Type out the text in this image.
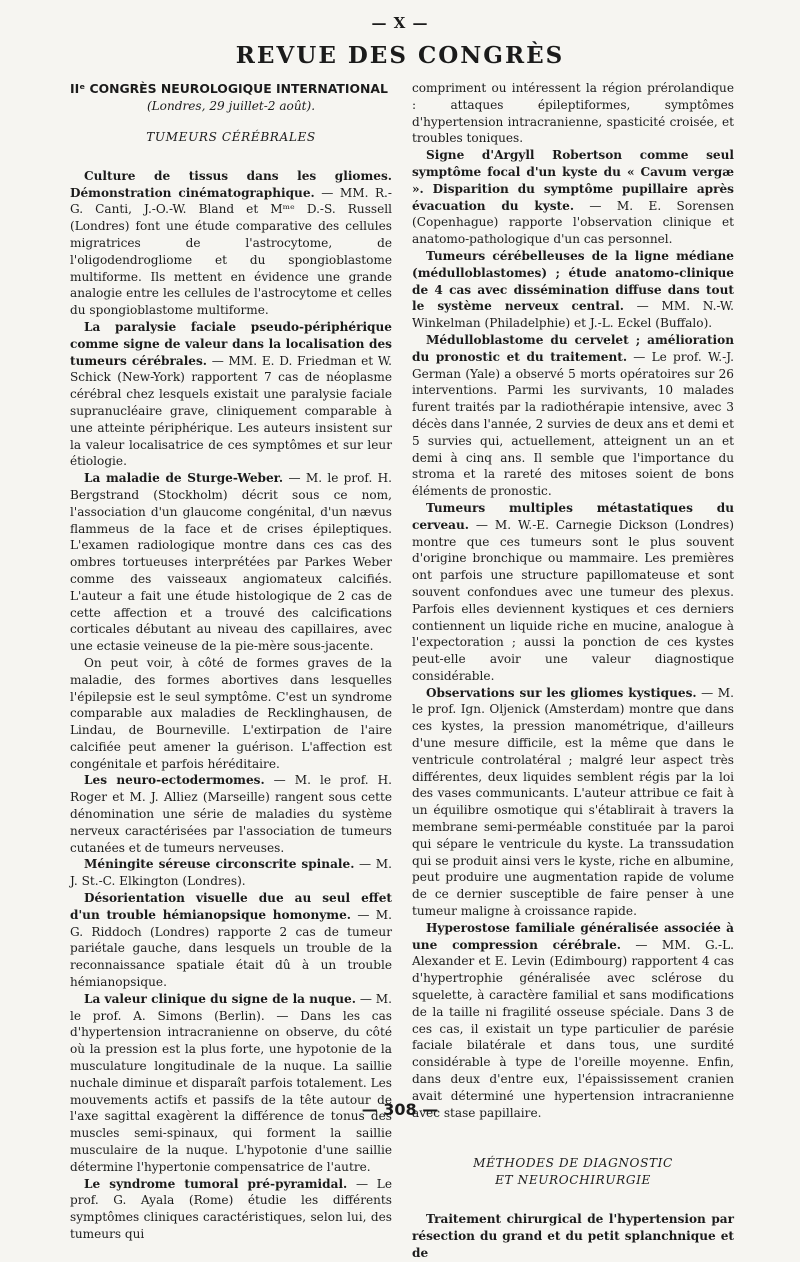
— X —
REVUE DES CONGRÈS
IIᵉ CONGRÈS NEUROLOGIQUE INTERNATIONAL
(Londres, 29 juillet-2 août).
TUMEURS CÉRÉBRALES

Culture de tissus dans les gliomes. Démonstration cinématographique. — MM. R.-G. Canti, J.-O.-W. Bland et Mᵐᵉ D.-S. Russell (Londres) font une étude comparative des cellules migratrices de l'astrocytome, de l'oligodendrogliome et du spongioblastome multiforme. Ils mettent en évidence une grande analogie entre les cellules de l'astrocytome et celles du spongioblastome multiforme.

La paralysie faciale pseudo-périphérique comme signe de valeur dans la localisation des tumeurs cérébrales. — MM. E. D. Friedman et W. Schick (New-York) rapportent 7 cas de néoplasme cérébral chez lesquels existait une paralysie faciale supranucléaire grave, cliniquement comparable à une atteinte périphérique. Les auteurs insistent sur la valeur localisatrice de ces symptômes et sur leur étiologie.

La maladie de Sturge-Weber. — M. le prof. H. Bergstrand (Stockholm) décrit sous ce nom, l'association d'un glaucome congénital, d'un nævus flammeus de la face et de crises épileptiques. L'examen radiologique montre dans ces cas des ombres tortueuses interprétées par Parkes Weber comme des vaisseaux angiomateux calcifiés. L'auteur a fait une étude histologique de 2 cas de cette affection et a trouvé des calcifications corticales débutant au niveau des capillaires, avec une ectasie veineuse de la pie-mère sous-jacente.

On peut voir, à côté de formes graves de la maladie, des formes abortives dans lesquelles l'épilepsie est le seul symptôme. C'est un syndrome comparable aux maladies de Recklinghausen, de Lindau, de Bourneville. L'extirpation de l'aire calcifiée peut amener la guérison. L'affection est congénitale et parfois héréditaire.

Les neuro-ectodermomes. — M. le prof. H. Roger et M. J. Alliez (Marseille) rangent sous cette dénomination une série de maladies du système nerveux caractérisées par l'association de tumeurs cutanées et de tumeurs nerveuses.

Méningite séreuse circonscrite spinale. — M. J. St.-C. Elkington (Londres).

Désorientation visuelle due au seul effet d'un trouble hémianopsique homonyme. — M. G. Riddoch (Londres) rapporte 2 cas de tumeur pariétale gauche, dans lesquels un trouble de la reconnaissance spatiale était dû à un trouble hémianopsique.

La valeur clinique du signe de la nuque. — M. le prof. A. Simons (Berlin). — Dans les cas d'hypertension intracranienne on observe, du côté où la pression est la plus forte, une hypotonie de la musculature longitudinale de la nuque. La saillie nuchale diminue et disparaît parfois totalement. Les mouvements actifs et passifs de la tête autour de l'axe sagittal exagèrent la différence de tonus des muscles semi-spinaux, qui forment la saillie musculaire de la nuque. L'hypotonie d'une saillie détermine l'hypertonie compensatrice de l'autre.

Le syndrome tumoral pré-pyramidal. — Le prof. G. Ayala (Rome) étudie les différents symptômes cliniques caractéristiques, selon lui, des tumeurs qui

compriment ou intéressent la région prérolandique : attaques épileptiformes, symptômes d'hypertension intracranienne, spasticité croisée, et troubles toniques.

Signe d'Argyll Robertson comme seul symptôme focal d'un kyste du « Cavum vergæ ». Disparition du symptôme pupillaire après évacuation du kyste. — M. E. Sorensen (Copenhague) rapporte l'observation clinique et anatomo-pathologique d'un cas personnel.

Tumeurs cérébelleuses de la ligne médiane (médulloblastomes) ; étude anatomo-clinique de 4 cas avec dissémination diffuse dans tout le système nerveux central. — MM. N.-W. Winkelman (Philadelphie) et J.-L. Eckel (Buffalo).

Médulloblastome du cervelet ; amélioration du pronostic et du traitement. — Le prof. W.-J. German (Yale) a observé 5 morts opératoires sur 26 interventions. Parmi les survivants, 10 malades furent traités par la radiothérapie intensive, avec 3 décès dans l'année, 2 survies de deux ans et demi et 5 survies qui, actuellement, atteignent un an et demi à cinq ans. Il semble que l'importance du stroma et la rareté des mitoses soient de bons éléments de pronostic.

Tumeurs multiples métastatiques du cerveau. — M. W.-E. Carnegie Dickson (Londres) montre que ces tumeurs sont le plus souvent d'origine bronchique ou mammaire. Les premières ont parfois une structure papillomateuse et sont souvent confondues avec une tumeur des plexus. Parfois elles deviennent kystiques et ces derniers contiennent un liquide riche en mucine, analogue à l'expectoration ; aussi la ponction de ces kystes peut-elle avoir une valeur diagnostique considérable.

Observations sur les gliomes kystiques. — M. le prof. Ign. Oljenick (Amsterdam) montre que dans ces kystes, la pression manométrique, d'ailleurs d'une mesure difficile, est la même que dans le ventricule controlatéral ; malgré leur aspect très différentes, deux liquides semblent régis par la loi des vases communicants. L'auteur attribue ce fait à un équilibre osmotique qui s'établirait à travers la membrane semi-perméable constituée par la paroi qui sépare le ventricule du kyste. La transsudation qui se produit ainsi vers le kyste, riche en albumine, peut produire une augmentation rapide de volume de ce dernier susceptible de faire penser à une tumeur maligne à croissance rapide.

Hyperostose familiale généralisée associée à une compression cérébrale. — MM. G.-L. Alexander et E. Levin (Edimbourg) rapportent 4 cas d'hypertrophie généralisée avec sclérose du squelette, à caractère familial et sans modifications de la taille ni fragilité osseuse spéciale. Dans 3 de ces cas, il existait un type particulier de parésie faciale bilatérale et dans tous, une surdité considérable à type de l'oreille moyenne. Enfin, dans deux d'entre eux, l'épaississement cranien avait déterminé une hypertension intracranienne avec stase papillaire.

MÉTHODES DE DIAGNOSTIC
ET NEUROCHIRURGIE

Traitement chirurgical de l'hypertension par résection du grand et du petit splanchnique et de

— 308 —
